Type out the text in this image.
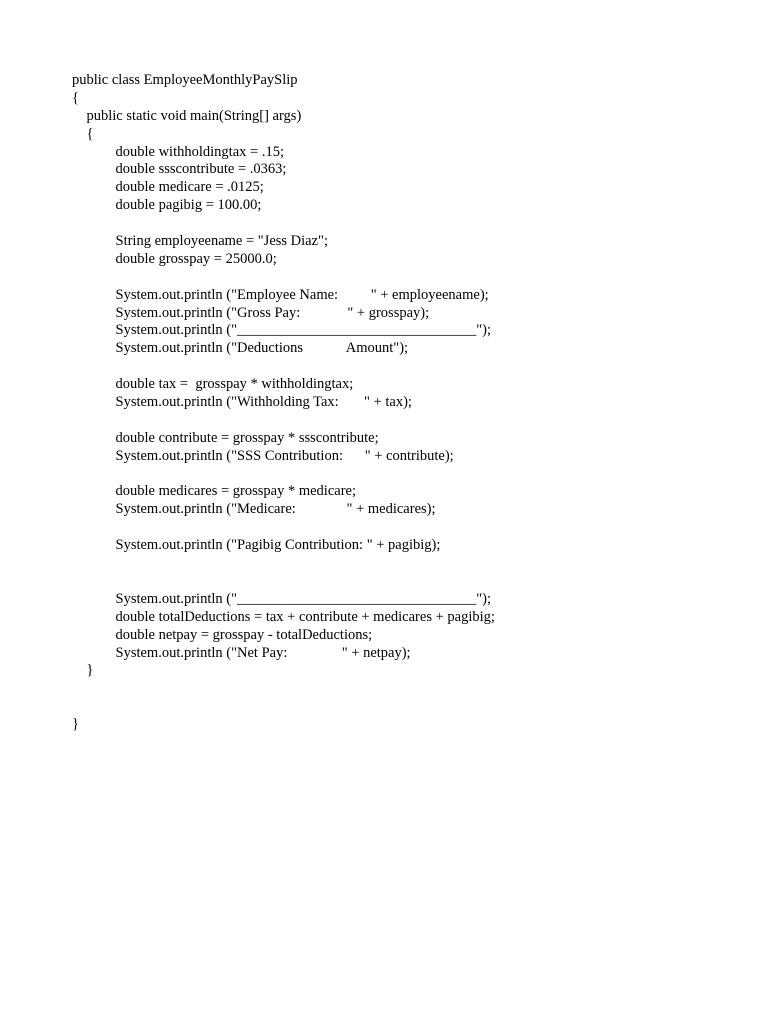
public class EmployeeMonthlyPaySlip
{
public static void main(String[] args)
{
double withholdingtax = .15;
double ssscontribute = .0363;
double medicare = .0125;
double pagibig = 100.00;
String employeename = "Jess Diaz";
double grosspay = 25000.0;
System.out.println ("Employee Name:         " + employeename);
System.out.println ("Gross Pay:             " + grosspay);
System.out.println ("_________________________________");
System.out.println ("Deductions            Amount");
double tax =  grosspay * withholdingtax;
System.out.println ("Withholding Tax:       " + tax);
double contribute = grosspay * ssscontribute;
System.out.println ("SSS Contribution:      " + contribute);
double medicares = grosspay * medicare;
System.out.println ("Medicare:              " + medicares);
System.out.println ("Pagibig Contribution: " + pagibig);
System.out.println ("_________________________________");
double totalDeductions = tax + contribute + medicares + pagibig;
double netpay = grosspay - totalDeductions;
System.out.println ("Net Pay:               " + netpay);
}
}
